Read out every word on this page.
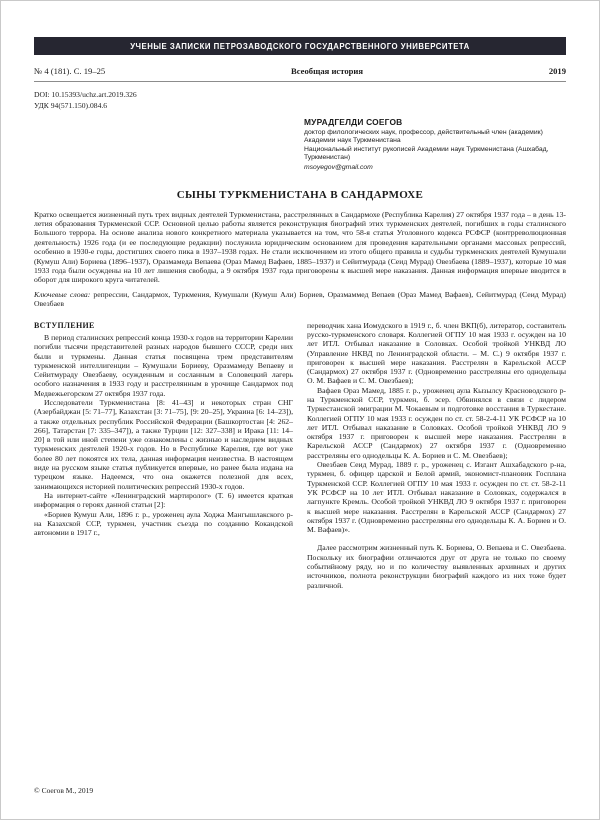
УЧЕНЫЕ ЗАПИСКИ ПЕТРОЗАВОДСКОГО ГОСУДАРСТВЕННОГО УНИВЕРСИТЕТА
№ 4 (181). С. 19–25	Всеобщая история	2019
DOI: 10.15393/uchz.art.2019.326
УДК 94(571.150).084.6
МУРАДГЕЛДИ СОЕГОВ
доктор филологических наук, профессор, действительный член (академик) Академии наук Туркменистана
Национальный институт рукописей Академии наук Туркменистана (Ашхабад, Туркменистан)
msoyegov@gmail.com
СЫНЫ ТУРКМЕНИСТАНА В САНДАРМОХЕ

Кратко освещается жизненный путь трех видных деятелей Туркменистана, расстрелянных в Сандармохе (Республика Карелия) 27 октября 1937 года – в день 13-летия образования Туркменской ССР. Основной целью работы является реконструкция биографий этих туркменских деятелей, погибших в годы сталинского Большого террора. На основе анализа нового конкретного материала указывается на том, что 58-я статья Уголовного кодекса РСФСР (контрреволюционная деятельность) 1926 года (и ее последующие редакции) послужила юридическим основанием для проведения карательными органами массовых репрессий, особенно в 1930-е годы, достигших своего пика в 1937–1938 годах. Не стали исключением из этого общего правила и судьбы туркменских деятелей Кумушали (Кумуш Али) Бориева (1896–1937), Оразмамеда Вепаева (Ораз Мамед Вафаев, 1885–1937) и Сейитмурада (Сеид Мурад) Овезбаева (1889–1937), которые 10 мая 1933 года были осуждены на 10 лет лишения свободы, а 9 октября 1937 года приговорены к высшей мере наказания. Данная информация впервые вводится в оборот для широкого круга читателей.

Ключевые слова: репрессии, Сандармох, Туркмения, Кумушали (Кумуш Али) Бориев, Оразмаммед Вепаев (Ораз Мамед Вафаев), Сейитмурад (Сеид Мурад) Овезбаев

ВСТУПЛЕНИЕ

В период сталинских репрессий конца 1930-х годов на территории Карелии погибли тысячи представителей разных народов бывшего СССР, среди них были и туркмены. Данная статья посвящена трем представителям туркменской интеллигенции – Кумушали Бориеву, Оразмамеду Вепаеву и Сейитмураду Овезбаеву, осужденным и сосланным в Соловецкий лагерь особого назначения в 1933 году и расстрелянным в урочище Сандармох под Медвежьегорском 27 октября 1937 года.

Исследователи Туркменистана [8: 41–43] и некоторых стран СНГ (Азербайджан [5: 71–77], Казахстан [3: 71–75], [9: 20–25], Украина [6: 14–23]), а также отдельных республик Российской Федерации (Башкортостан [4: 262–266], Татарстан [7: 335–347]), а также Турции [12: 327–338] и Ирака [11: 14–20] в той или иной степени уже ознакомлены с жизнью и наследием видных туркменских деятелей 1920-х годов. Но в Республике Карелия, где вот уже более 80 лет покоятся их тела, данная информация неизвестна. В настоящем виде на русском языке статья публикуется впервые, но ранее была издана на турецком языке. Надеемся, что она окажется полезной для всех, занимающихся историей политических репрессий 1930-х годов.

На интернет-сайте «Ленинградский мартиролог» (Т. 6) имеется краткая информация о героях данной статьи [2]:

«Бориев Кумуш Али, 1896 г. р., уроженец аула Ходжа Мангышлакского р-на Казахской ССР, туркмен, участник съезда по созданию Кокандской автономии в 1917 г.,

переводчик хана Иомудского в 1919 г., б. член ВКП(б), литератор, составитель русско-туркменского словаря. Коллегией ОГПУ 10 мая 1933 г. осужден на 10 лет ИТЛ. Отбывал наказание в Соловках. Особой тройкой УНКВД ЛО (Управление НКВД по Ленинградской области. – М. С.) 9 октября 1937 г. приговорен к высшей мере наказания. Расстрелян в Карельской АССР (Сандармох) 27 октября 1937 г. (Одновременно расстреляны его однодельцы О. М. Вафаев и С. М. Овезбаев);

Вафаев Ораз Мамед, 1885 г. р., уроженец аула Кызылсу Красноводского р-на Туркменской ССР, туркмен, б. эсер. Обвинялся в связи с лидером Туркестанской эмиграции М. Чокаевым и подготовке восстания в Туркестане. Коллегией ОГПУ 10 мая 1933 г. осужден по ст. ст. 58-2-4-11 УК РСФСР на 10 лет ИТЛ. Отбывал наказание в Соловках. Особой тройкой УНКВД ЛО 9 октября 1937 г. приговорен к высшей мере наказания. Расстрелян в Карельской АССР (Сандармох) 27 октября 1937 г. (Одновременно расстреляны его однодельцы К. А. Бориев и С. М. Овезбаев);

Овезбаев Сеид Мурад, 1889 г. р., уроженец с. Изгант Ашхабадского р-на, туркмен, б. офицер царской и Белой армий, экономист-плановик Госплана Туркменской ССР. Коллегией ОГПУ 10 мая 1933 г. осужден по ст. ст. 58-2-11 УК РСФСР на 10 лет ИТЛ. Отбывал наказание в Соловках, содержался в лагпункте Кремль. Особой тройкой УНКВД ЛО 9 октября 1937 г. приговорен к высшей мере наказания. Расстрелян в Карельской АССР (Сандармох) 27 октября 1937 г. (Одновременно расстреляны его однодельцы К. А. Бориев и О. М. Вафаев)».

Далее рассмотрим жизненный путь К. Бориева, О. Вепаева и С. Овезбаева. Поскольку их биографии отличаются друг от друга не только по своему событийному ряду, но и по количеству выявленных архивных и других источников, полнота реконструкции биографий каждого из них тоже будет различной.

© Соегов М., 2019
